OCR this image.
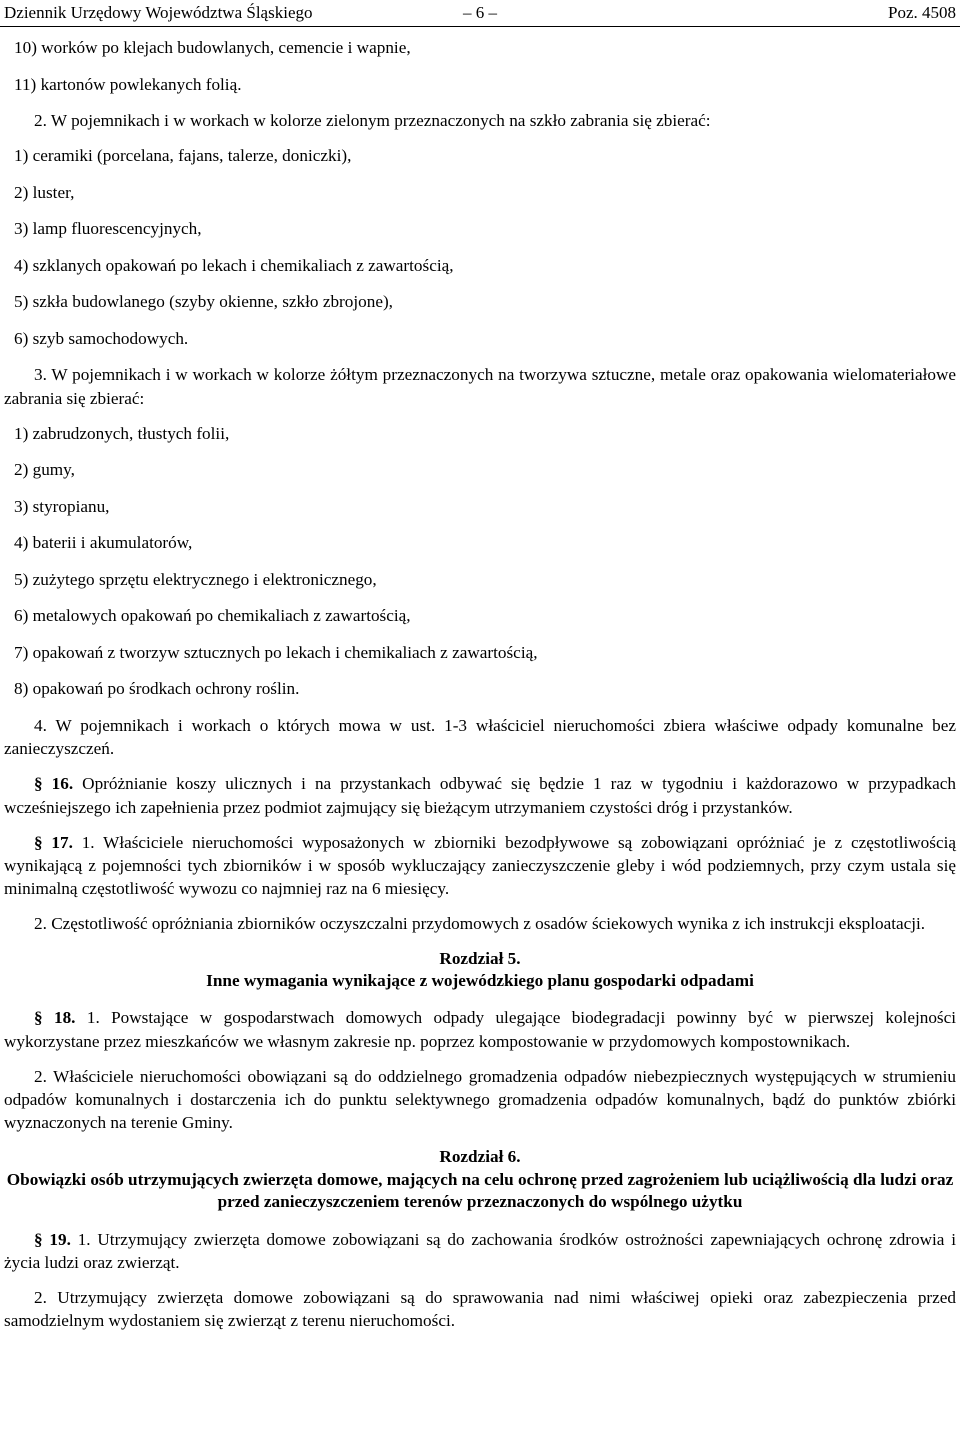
Dziennik Urzędowy Województwa Śląskiego	– 6 –	Poz. 4508
10) worków po klejach budowlanych, cemencie i wapnie,
11) kartonów powlekanych folią.
2. W pojemnikach i w workach w kolorze zielonym przeznaczonych na szkło zabrania się zbierać:
1) ceramiki (porcelana, fajans, talerze, doniczki),
2) luster,
3) lamp fluorescencyjnych,
4) szklanych opakowań po lekach i chemikaliach z zawartością,
5) szkła budowlanego (szyby okienne, szkło zbrojone),
6) szyb samochodowych.
3. W pojemnikach i w workach w kolorze żółtym przeznaczonych na tworzywa sztuczne, metale oraz opakowania wielomateriałowe zabrania się zbierać:
1) zabrudzonych, tłustych folii,
2) gumy,
3) styropianu,
4) baterii i akumulatorów,
5) zużytego sprzętu elektrycznego i elektronicznego,
6) metalowych opakowań po chemikaliach z zawartością,
7) opakowań z tworzyw sztucznych po lekach i chemikaliach z zawartością,
8) opakowań po środkach ochrony roślin.
4. W pojemnikach i workach o których mowa w ust. 1-3 właściciel nieruchomości zbiera właściwe odpady komunalne bez zanieczyszczeń.
§ 16. Opróżnianie koszy ulicznych i na przystankach odbywać się będzie 1 raz w tygodniu i każdorazowo w przypadkach wcześniejszego ich zapełnienia przez podmiot zajmujący się bieżącym utrzymaniem czystości dróg i przystanków.
§ 17. 1. Właściciele nieruchomości wyposażonych w zbiorniki bezodpływowe są zobowiązani opróżniać je z częstotliwością wynikającą z pojemności tych zbiorników i w sposób wykluczający zanieczyszczenie gleby i wód podziemnych, przy czym ustala się minimalną częstotliwość wywozu co najmniej raz na 6 miesięcy.
2. Częstotliwość opróżniania zbiorników oczyszczalni przydomowych z osadów ściekowych wynika z ich instrukcji eksploatacji.
Rozdział 5.
Inne wymagania wynikające z wojewódzkiego planu gospodarki odpadami
§ 18. 1. Powstające w gospodarstwach domowych odpady ulegające biodegradacji powinny być w pierwszej kolejności wykorzystane przez mieszkańców we własnym zakresie np. poprzez kompostowanie w przydomowych kompostownikach.
2. Właściciele nieruchomości obowiązani są do oddzielnego gromadzenia odpadów niebezpiecznych występujących w strumieniu odpadów komunalnych i dostarczenia ich do punktu selektywnego gromadzenia odpadów komunalnych, bądź do punktów zbiórki wyznaczonych na terenie Gminy.
Rozdział 6.
Obowiązki osób utrzymujących zwierzęta domowe, mających na celu ochronę przed zagrożeniem lub uciążliwością dla ludzi oraz przed zanieczyszczeniem terenów przeznaczonych do wspólnego użytku
§ 19. 1. Utrzymujący zwierzęta domowe zobowiązani są do zachowania środków ostrożności zapewniających ochronę zdrowia i życia ludzi oraz zwierząt.
2. Utrzymujący zwierzęta domowe zobowiązani są do sprawowania nad nimi właściwej opieki oraz zabezpieczenia przed samodzielnym wydostaniem się zwierząt z terenu nieruchomości.
